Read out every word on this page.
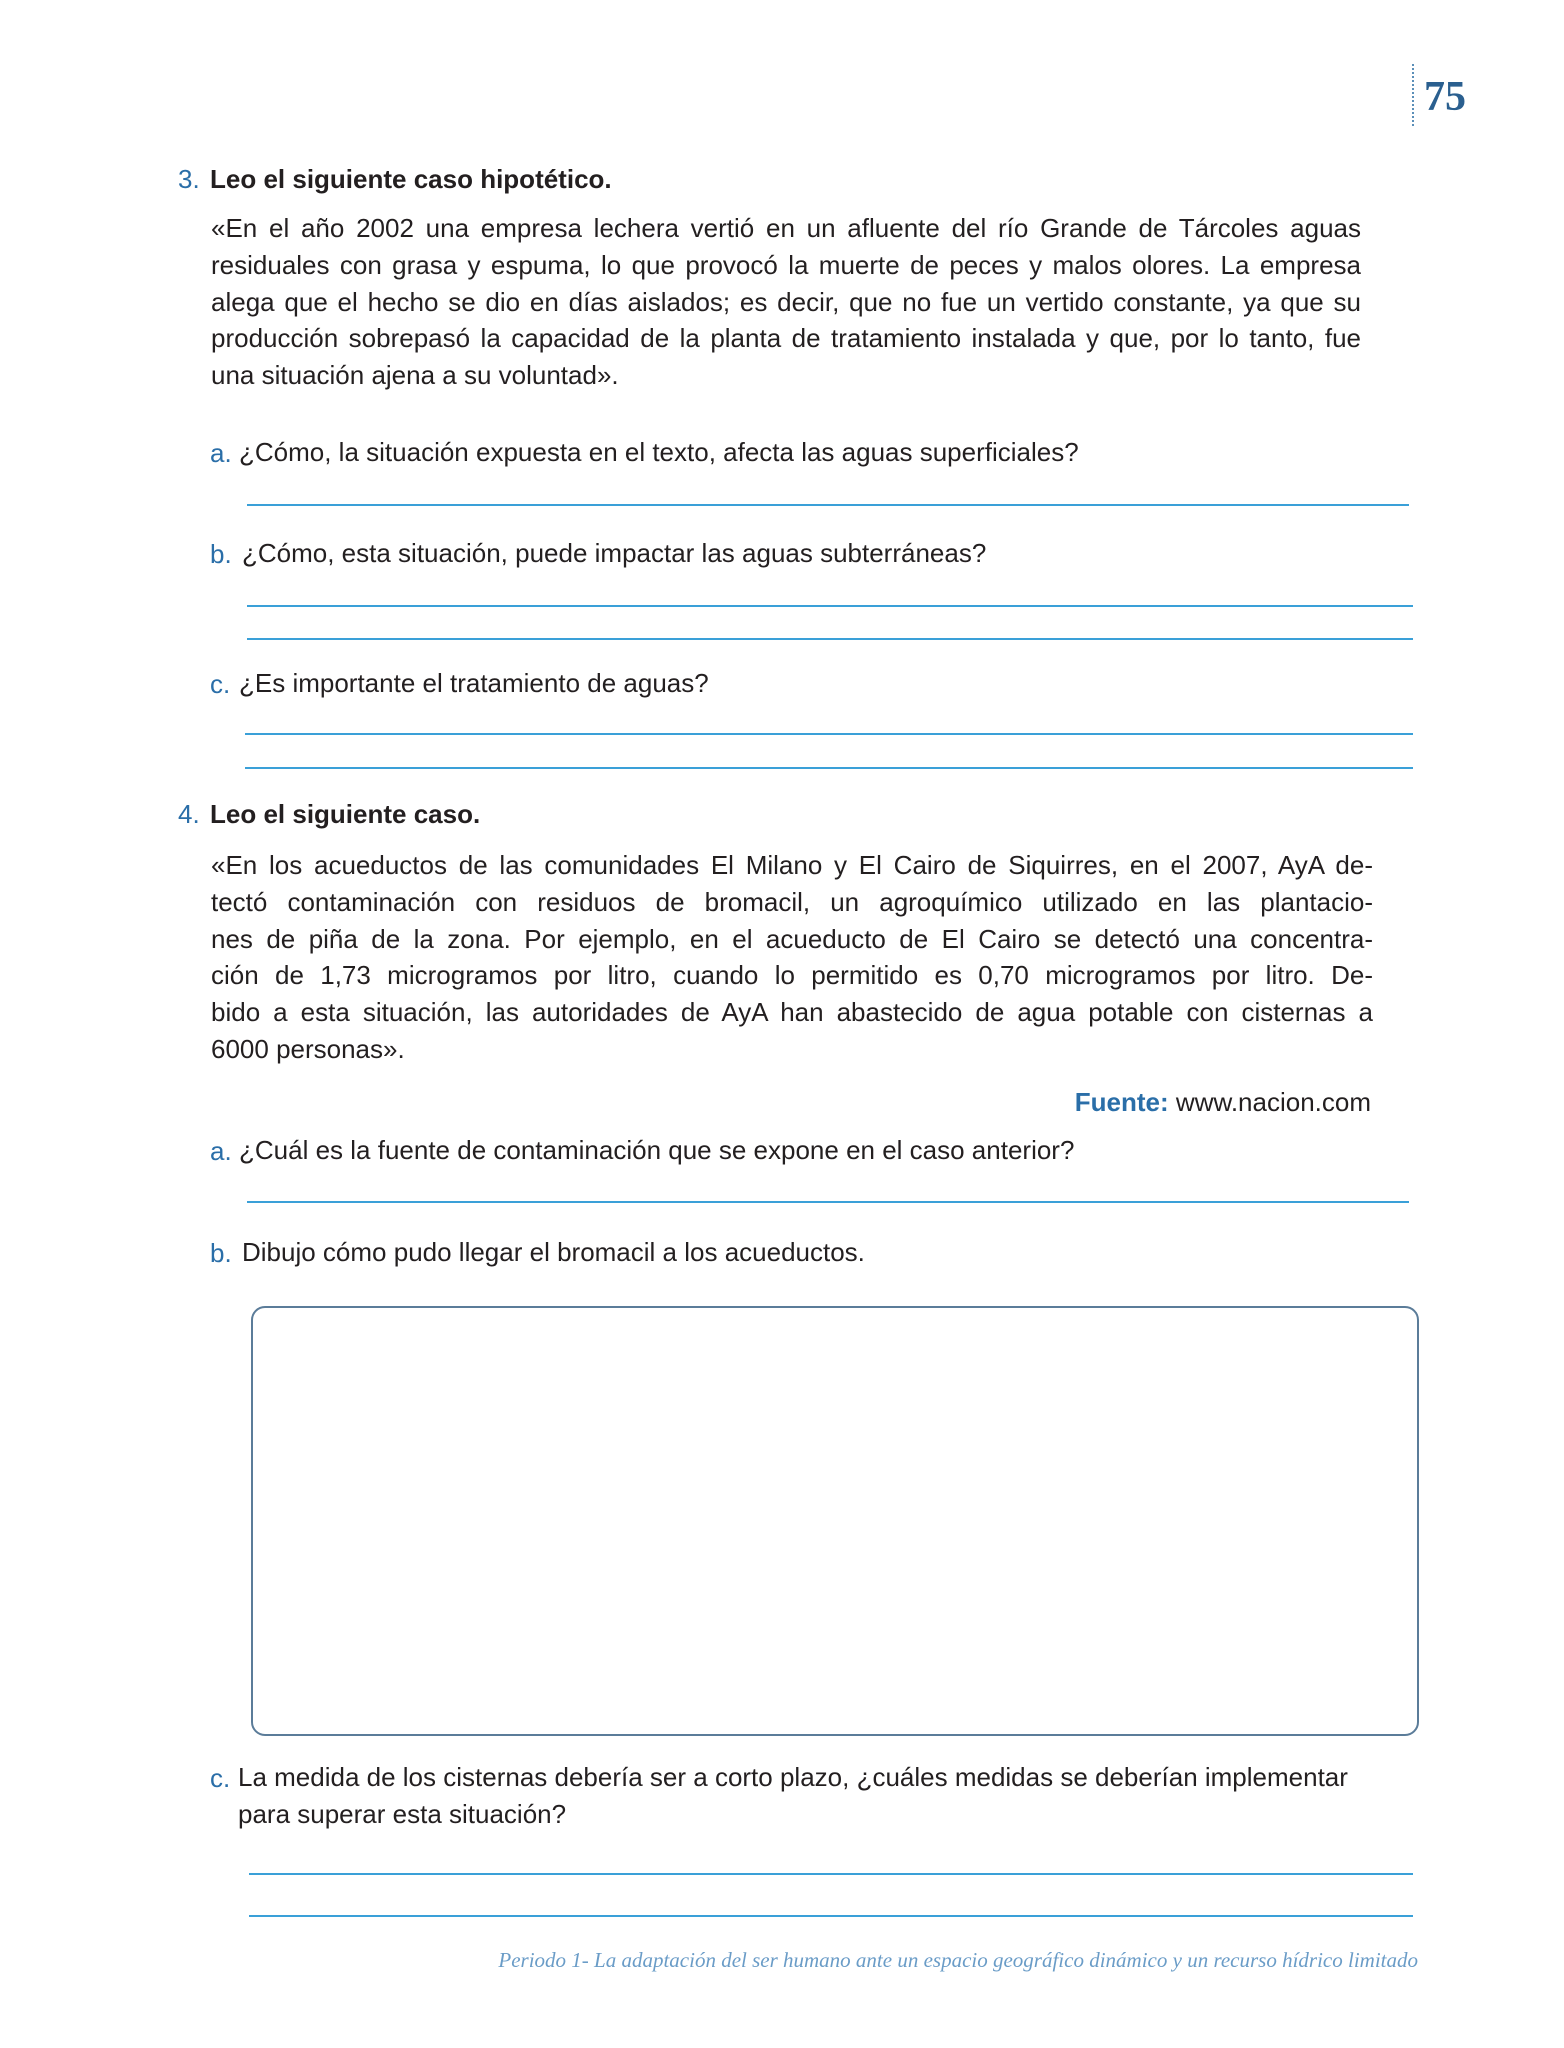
75
3. Leo el siguiente caso hipotético.
«En el año 2002 una empresa lechera vertió en un afluente del río Grande de Tárcoles aguas
residuales con grasa y espuma, lo que provocó la muerte de peces y malos olores. La empresa
alega que el hecho se dio en días aislados; es decir, que no fue un vertido constante, ya que su
producción sobrepasó la capacidad de la planta de tratamiento instalada y que, por lo tanto, fue
una situación ajena a su voluntad».
a. ¿Cómo, la situación expuesta en el texto, afecta las aguas superficiales?
b. ¿Cómo, esta situación, puede impactar las aguas subterráneas?
c. ¿Es importante el tratamiento de aguas?
4. Leo el siguiente caso.
«En los acueductos de las comunidades El Milano y El Cairo de Siquirres, en el 2007, AyA de-
tectó contaminación con residuos de bromacil, un agroquímico utilizado en las plantacio-
nes de piña de la zona. Por ejemplo, en el acueducto de El Cairo se detectó una concentra-
ción de 1,73 microgramos por litro, cuando lo permitido es 0,70 microgramos por litro. De-
bido a esta situación, las autoridades de AyA han abastecido de agua potable con cisternas a
6000 personas».
Fuente: www.nacion.com
a. ¿Cuál es la fuente de contaminación que se expone en el caso anterior?
b. Dibujo cómo pudo llegar el bromacil a los acueductos.
c. La medida de los cisternas debería ser a corto plazo, ¿cuáles medidas se deberían implementar
para superar esta situación?
Periodo 1- La adaptación del ser humano ante un espacio geográfico dinámico y un recurso hídrico limitado
